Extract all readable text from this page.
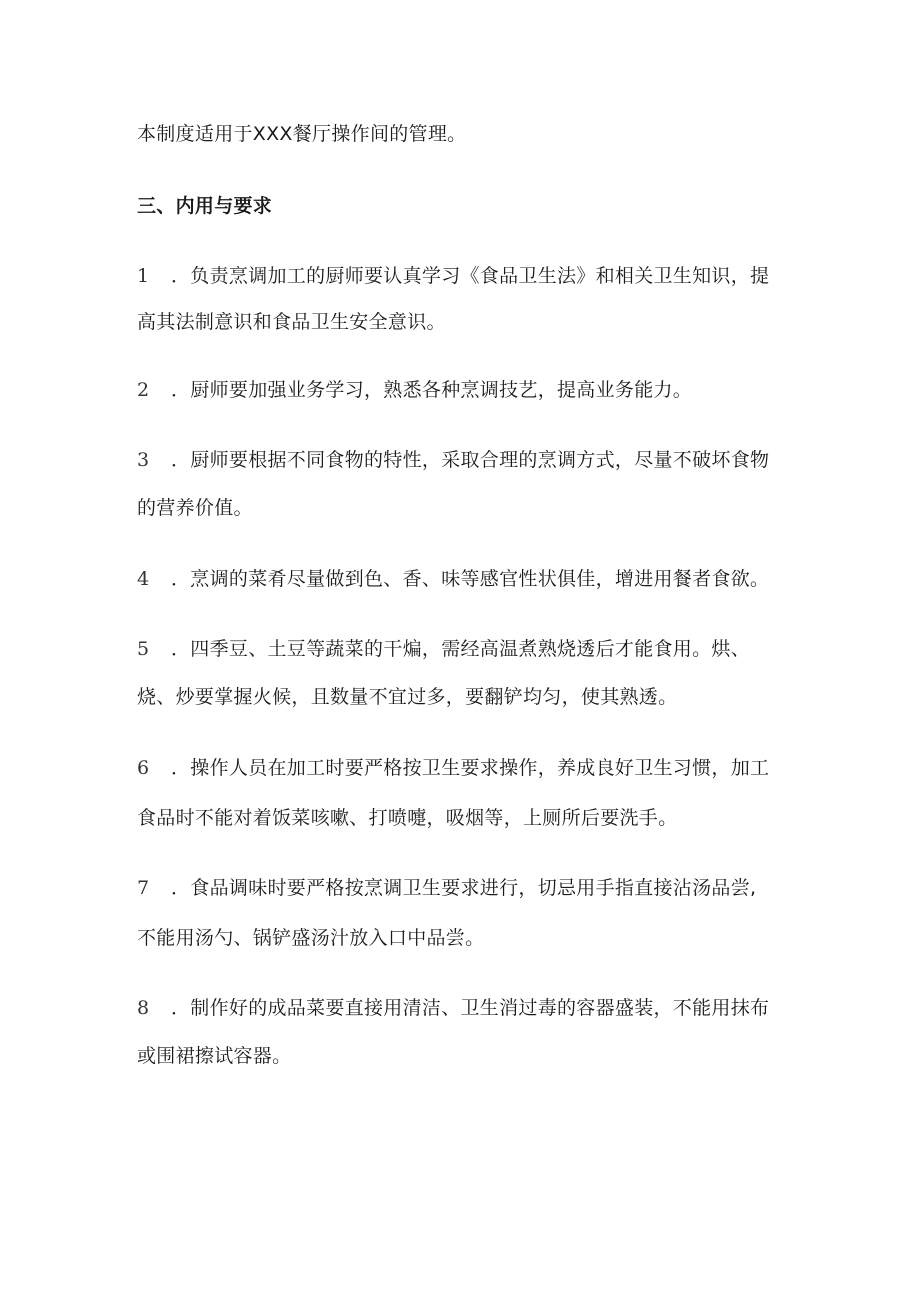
本制度适用于XXX餐厅操作间的管理。
三、内用与要求
1 ．负责烹调加工的厨师要认真学习《食品卫生法》和相关卫生知识，提
高其法制意识和食品卫生安全意识。
2 ．厨师要加强业务学习，熟悉各种烹调技艺，提高业务能力。
3 ．厨师要根据不同食物的特性，采取合理的烹调方式，尽量不破坏食物
的营养价值。
4 ．烹调的菜肴尽量做到色、香、味等感官性状俱佳，增进用餐者食欲。
5 ．四季豆、土豆等蔬菜的干煸，需经高温煮熟烧透后才能食用。烘、
烧、炒要掌握火候，且数量不宜过多，要翻铲均匀，使其熟透。
6 ．操作人员在加工时要严格按卫生要求操作，养成良好卫生习惯，加工
食品时不能对着饭菜咳嗽、打喷嚏，吸烟等，上厕所后要洗手。
7 ．食品调味时要严格按烹调卫生要求进行，切忌用手指直接沾汤品尝,
不能用汤勺、锅铲盛汤汁放入口中品尝。
8 ．制作好的成品菜要直接用清洁、卫生消过毒的容器盛装，不能用抹布
或围裙擦试容器。
